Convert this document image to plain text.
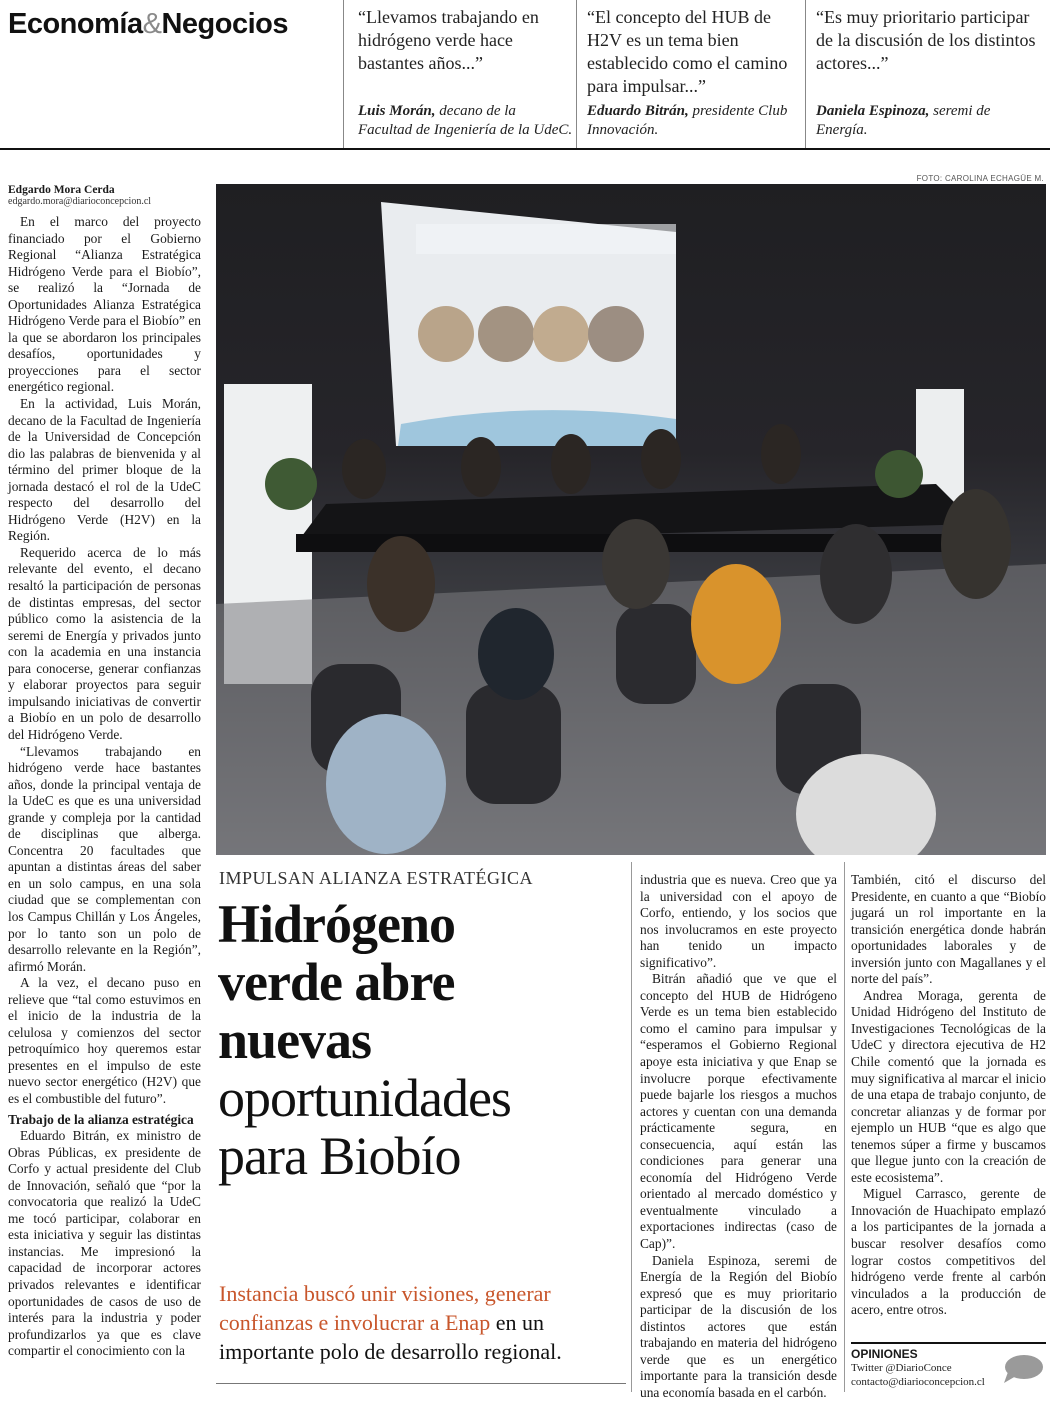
Economía&Negocios	“Llevamos trabajando en hidrógeno verde hace bastantes años...”
Luis Morán, decano de la Facultad de Ingeniería de la UdeC.
“El concepto del HUB de H2V es un tema bien establecido como el camino para impulsar...”
Eduardo Bitrán, presidente Club Innovación.
“Es muy prioritario participar de la discusión de los distintos actores...”
Daniela Espinoza, seremi de Energía.
Edgardo Mora Cerda
edgardo.mora@diarioconcepcion.cl

En el marco del proyecto financiado por el Gobierno Regional “Alianza Estratégica Hidrógeno Verde para el Biobío”, se realizó la “Jornada de Oportunidades Alianza Estratégica Hidrógeno Verde para el Biobío” en la que se abordaron los principales desafíos, oportunidades y proyecciones para el sector energético regional.

En la actividad, Luis Morán, decano de la Facultad de Ingeniería de la Universidad de Concepción dio las palabras de bienvenida y al término del primer bloque de la jornada destacó el rol de la UdeC respecto del desarrollo del Hidrógeno Verde (H2V) en la Región.

Requerido acerca de lo más relevante del evento, el decano resaltó la participación de personas de distintas empresas, del sector público como la asistencia de la seremi de Energía y privados junto con la academia en una instancia para conocerse, generar confianzas y elaborar proyectos para seguir impulsando iniciativas de convertir a Biobío en un polo de desarrollo del Hidrógeno Verde.

“Llevamos trabajando en hidrógeno verde hace bastantes años, donde la principal ventaja de la UdeC es que es una universidad grande y compleja por la cantidad de disciplinas que alberga. Concentra 20 facultades que apuntan a distintas áreas del saber en un solo campus, en una sola ciudad que se complementan con los Campus Chillán y Los Ángeles, por lo tanto son un polo de desarrollo relevante en la Región”, afirmó Morán.

A la vez, el decano puso en relieve que “tal como estuvimos en el inicio de la industria de la celulosa y comienzos del sector petroquímico hoy queremos estar presentes en el impulso de este nuevo sector energético (H2V) que es el combustible del futuro”.

Trabajo de la alianza estratégica

Eduardo Bitrán, ex ministro de Obras Públicas, ex presidente de Corfo y actual presidente del Club de Innovación, señaló que “por la convocatoria que realizó la UdeC me tocó participar, colaborar en esta iniciativa y seguir las distintas instancias. Me impresionó la capacidad de incorporar actores privados relevantes e identificar oportunidades de casos de uso de interés para la industria y poder profundizarlos ya que es clave compartir el conocimiento con la

FOTO: CAROLINA ECHAGÜE M.
IMPULSAN ALIANZA ESTRATÉGICA
Hidrógeno
verde abre
nuevas
oportunidades
para Biobío
Instancia buscó unir visiones, generar confianzas e involucrar a Enap en un importante polo de desarrollo regional.

industria que es nueva. Creo que ya la universidad con el apoyo de Corfo, entiendo, y los socios que nos involucramos en este proyecto han tenido un impacto significativo”.

Bitrán añadió que ve que el concepto del HUB de Hidrógeno Verde es un tema bien establecido como el camino para impulsar y “esperamos el Gobierno Regional apoye esta iniciativa y que Enap se involucre porque efectivamente puede bajarle los riesgos a muchos actores y cuentan con una demanda prácticamente segura, en consecuencia, aquí están las condiciones para generar una economía del Hidrógeno Verde orientado al mercado doméstico y eventualmente vinculado a exportaciones indirectas (caso de Cap)”.

Daniela Espinoza, seremi de Energía de la Región del Biobío expresó que es muy prioritario participar de la discusión de los distintos actores que están trabajando en materia del hidrógeno verde que es un energético importante para la transición desde una economía basada en el carbón.

También, citó el discurso del Presidente, en cuanto a que “Biobío jugará un rol importante en la transición energética donde habrán oportunidades laborales y de inversión junto con Magallanes y el norte del país”.

Andrea Moraga, gerenta de Unidad Hidrógeno del Instituto de Investigaciones Tecnológicas de la UdeC y directora ejecutiva de H2 Chile comentó que la jornada es muy significativa al marcar el inicio de una etapa de trabajo conjunto, de concretar alianzas y de formar por ejemplo un HUB “que es algo que tenemos súper a firme y buscamos que llegue junto con la creación de este ecosistema”.

Miguel Carrasco, gerente de Innovación de Huachipato emplazó a los participantes de la jornada a buscar resolver desafíos como lograr costos competitivos del hidrógeno verde frente al carbón vinculados a la producción de acero, entre otros.

OPINIONES
Twitter @DiarioConce
contacto@diarioconcepcion.cl
